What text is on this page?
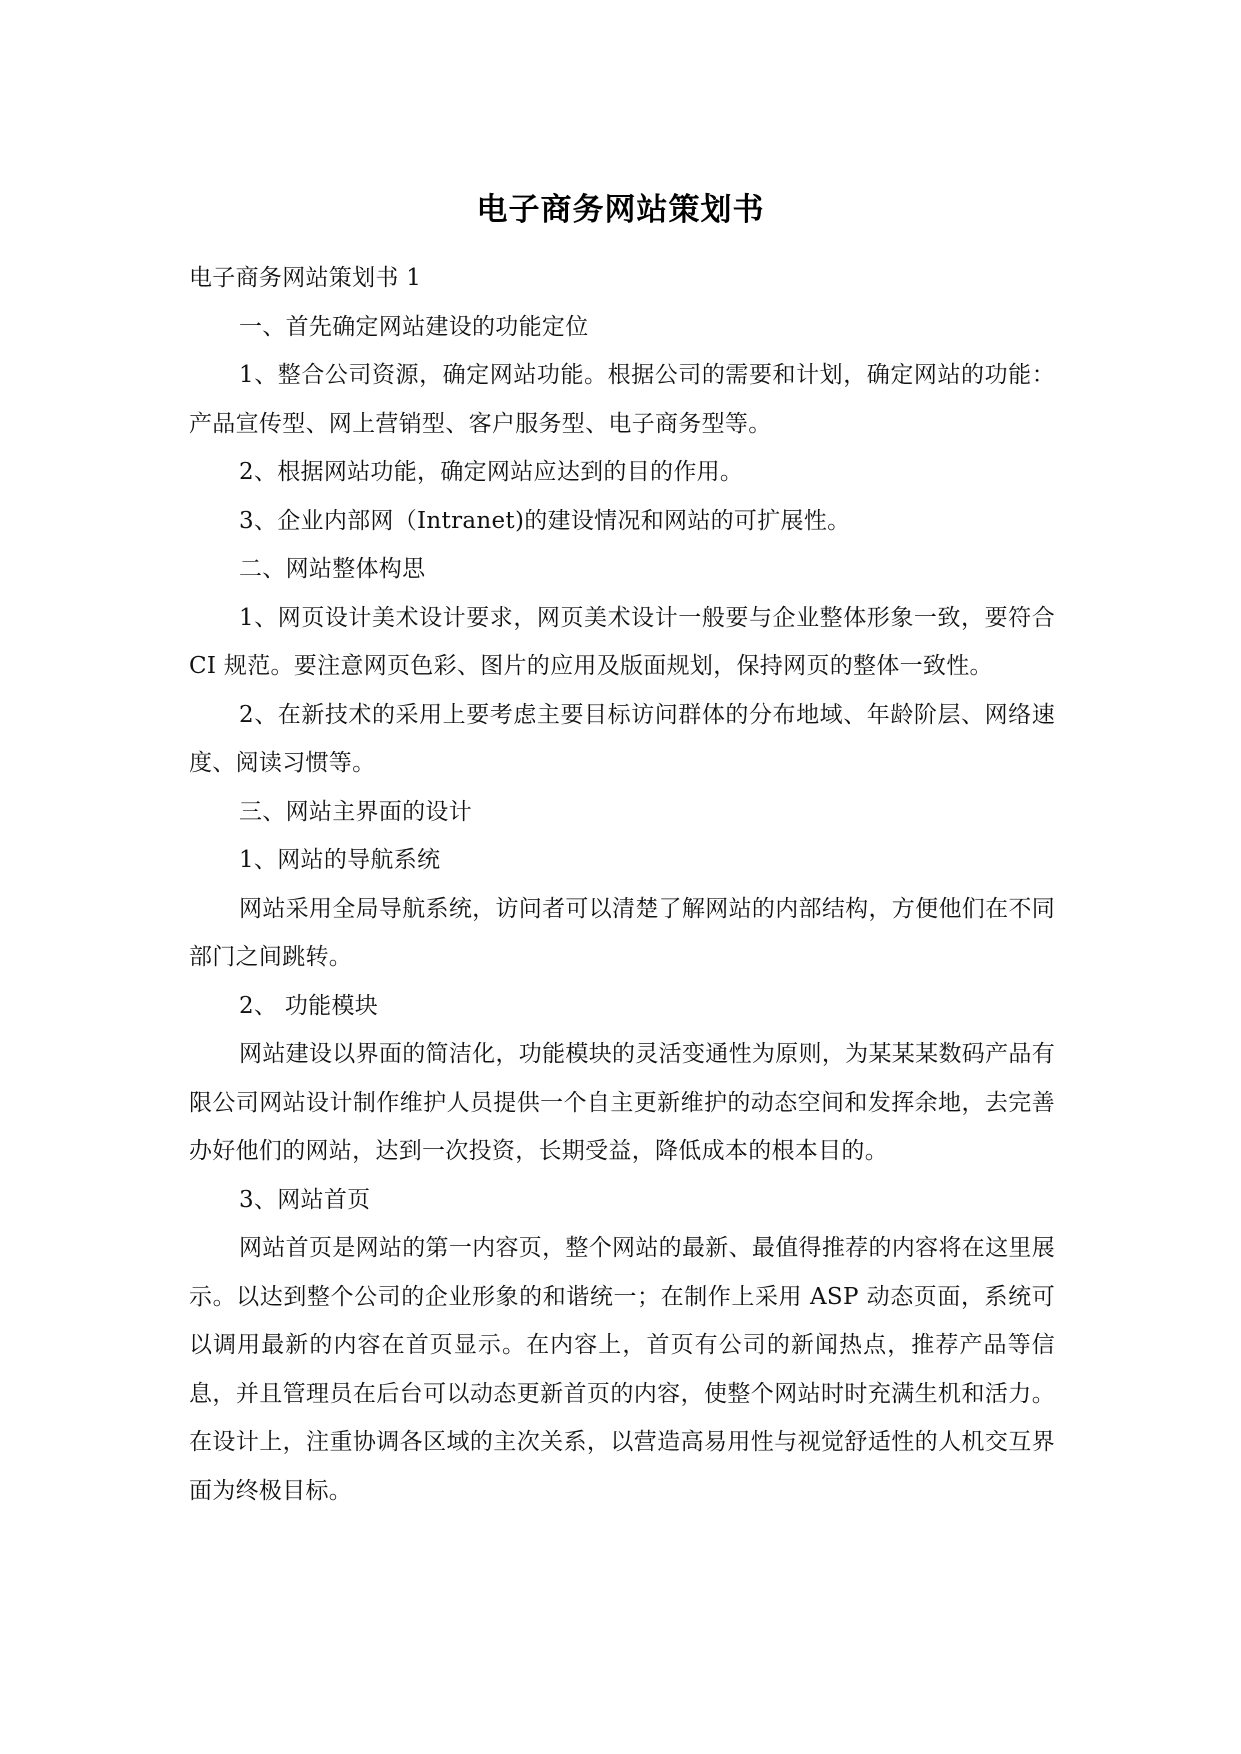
电子商务网站策划书

电子商务网站策划书 1

一、首先确定网站建设的功能定位

1、整合公司资源，确定网站功能。根据公司的需要和计划，确定网站的功能：产品宣传型、网上营销型、客户服务型、电子商务型等。

2、根据网站功能，确定网站应达到的目的作用。

3、企业内部网（Intranet)的建设情况和网站的可扩展性。

二、网站整体构思

1、网页设计美术设计要求，网页美术设计一般要与企业整体形象一致，要符合 CI 规范。要注意网页色彩、图片的应用及版面规划，保持网页的整体一致性。

2、在新技术的采用上要考虑主要目标访问群体的分布地域、年龄阶层、网络速度、阅读习惯等。

三、网站主界面的设计

1、网站的导航系统

网站采用全局导航系统，访问者可以清楚了解网站的内部结构，方便他们在不同部门之间跳转。

2、 功能模块

网站建设以界面的简洁化，功能模块的灵活变通性为原则，为某某某数码产品有限公司网站设计制作维护人员提供一个自主更新维护的动态空间和发挥余地，去完善办好他们的网站，达到一次投资，长期受益，降低成本的根本目的。

3、网站首页

网站首页是网站的第一内容页，整个网站的最新、最值得推荐的内容将在这里展示。以达到整个公司的企业形象的和谐统一；在制作上采用 ASP 动态页面，系统可以调用最新的内容在首页显示。在内容上，首页有公司的新闻热点，推荐产品等信息，并且管理员在后台可以动态更新首页的内容，使整个网站时时充满生机和活力。在设计上，注重协调各区域的主次关系，以营造高易用性与视觉舒适性的人机交互界面为终极目标。
